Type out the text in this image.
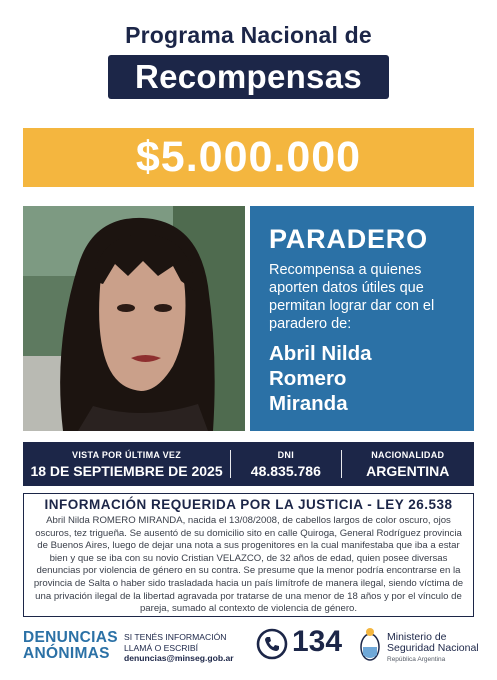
Programa Nacional de
Recompensas
$5.000.000
PARADERO
Recompensa a quienes aporten datos útiles que permitan lograr dar con el paradero de:
Abril Nilda
Romero
Miranda
VISTA POR ÚLTIMA VEZ
18 DE SEPTIEMBRE DE 2025
DNI
48.835.786
NACIONALIDAD
ARGENTINA
INFORMACIÓN REQUERIDA POR LA JUSTICIA - LEY 26.538
Abril Nilda ROMERO MIRANDA, nacida el 13/08/2008, de cabellos largos de color oscuro, ojos oscuros, tez trigueña. Se ausentó de su domicilio sito en calle Quiroga, General Rodríguez provincia de Buenos Aires, luego de dejar una nota a sus progenitores en la cual manifestaba que iba a estar bien y que se iba con su novio Cristian VELAZCO, de 32 años de edad, quien posee diversas denuncias por violencia de género en su contra. Se presume que la menor podría encontrarse en la provincia de Salta o haber sido trasladada hacia un país limítrofe de manera ilegal, siendo víctima de una privación ilegal de la libertad agravada por tratarse de una menor de 18 años y por el vínculo de pareja, sumado al contexto de violencia de género.
DENUNCIAS
ANÓNIMAS
SI TENÉS INFORMACIÓN
LLAMÁ O ESCRIBÍ
denuncias@minseg.gob.ar 134	Ministerio de
Seguridad Nacional
República Argentina
